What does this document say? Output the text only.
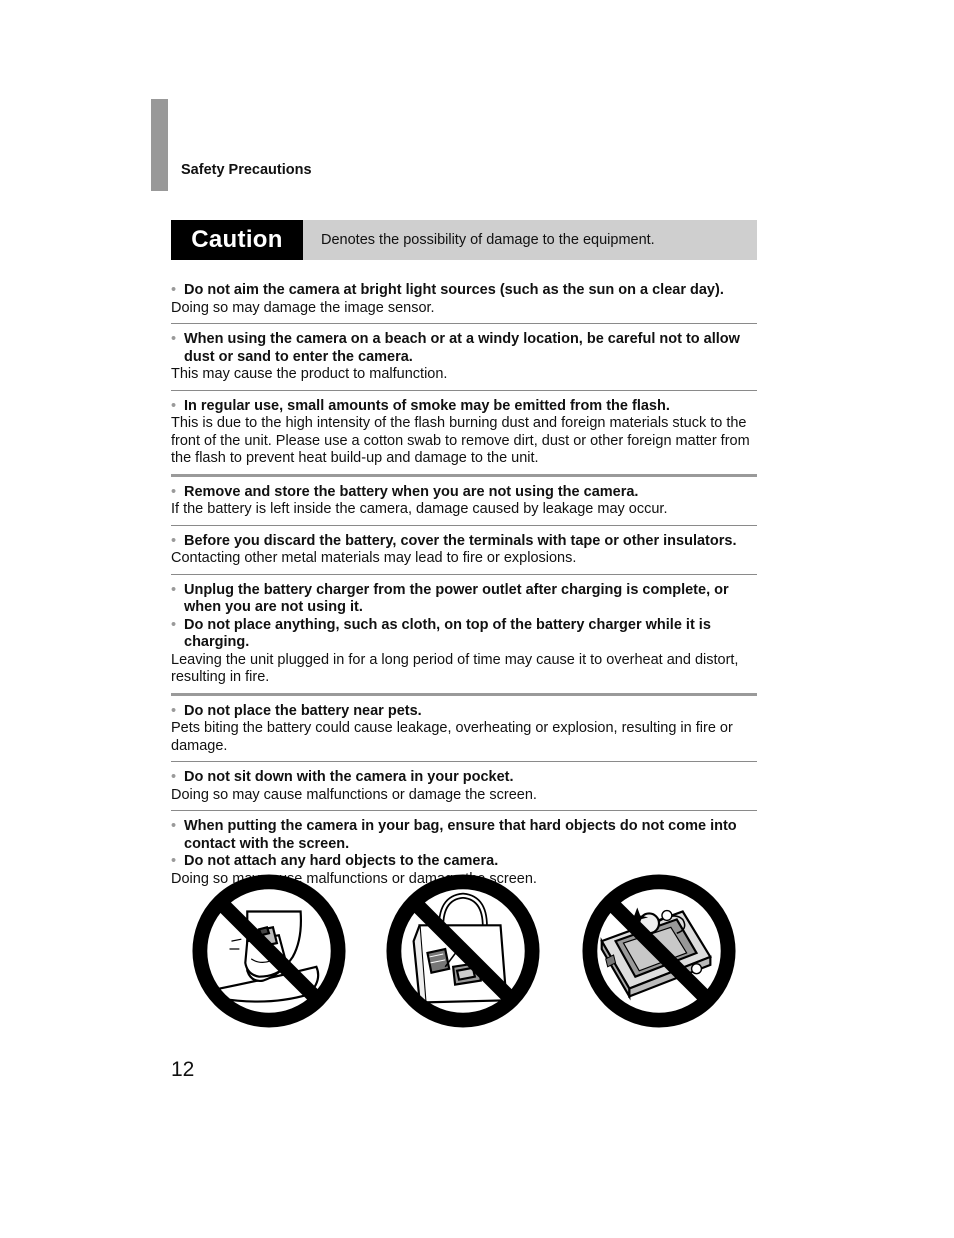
Safety Precautions
Caution	Denotes the possibility of damage to the equipment.
• Do not aim the camera at bright light sources (such as the sun on a clear day).
Doing so may damage the image sensor.
• When using the camera on a beach or at a windy location, be careful not to allow dust or sand to enter the camera.
This may cause the product to malfunction.
• In regular use, small amounts of smoke may be emitted from the flash.
This is due to the high intensity of the flash burning dust and foreign materials stuck to the front of the unit. Please use a cotton swab to remove dirt, dust or other foreign matter from the flash to prevent heat build-up and damage to the unit.
• Remove and store the battery when you are not using the camera.
If the battery is left inside the camera, damage caused by leakage may occur.
• Before you discard the battery, cover the terminals with tape or other insulators.
Contacting other metal materials may lead to fire or explosions.
• Unplug the battery charger from the power outlet after charging is complete, or when you are not using it.
• Do not place anything, such as cloth, on top of the battery charger while it is charging.
Leaving the unit plugged in for a long period of time may cause it to overheat and distort, resulting in fire.
• Do not place the battery near pets.
Pets biting the battery could cause leakage, overheating or explosion, resulting in fire or damage.
• Do not sit down with the camera in your pocket.
Doing so may cause malfunctions or damage the screen.
• When putting the camera in your bag, ensure that hard objects do not come into contact with the screen.
• Do not attach any hard objects to the camera.
Doing so may cause malfunctions or damage the screen.
12
